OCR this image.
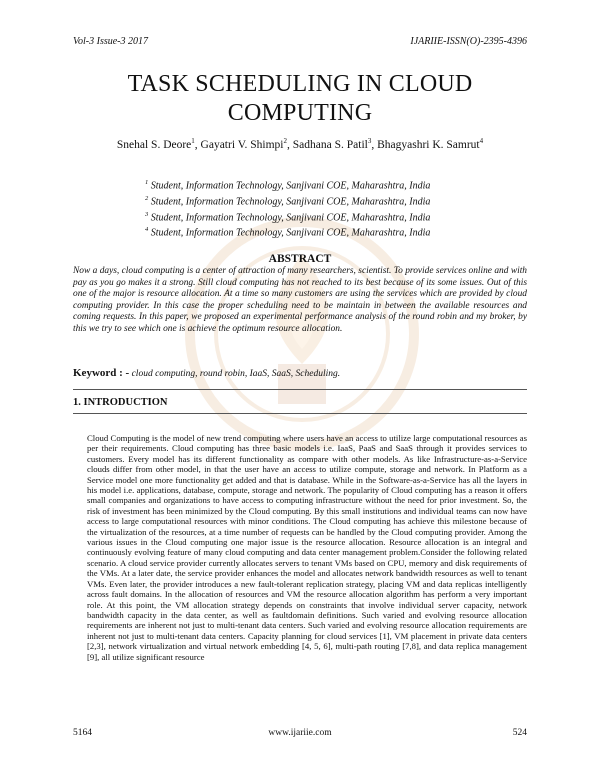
Vol-3 Issue-3 2017	IJARIIE-ISSN(O)-2395-4396
TASK SCHEDULING IN CLOUD
COMPUTING
Snehal S. Deore$^1$, Gayatri V. Shimpi$^2$, Sadhana S. Patil$^3$, Bhagyashri K. Samrut$^4$
$^1$ Student, Information Technology, Sanjivani COE, Maharashtra, India
$^2$ Student, Information Technology, Sanjivani COE, Maharashtra, India
$^3$ Student, Information Technology, Sanjivani COE, Maharashtra, India
$^4$ Student, Information Technology, Sanjivani COE, Maharashtra, India
ABSTRACT
Now a days, cloud computing is a center of attraction of many researchers, scientist. To provide services online and with pay as you go makes it a strong. Still cloud computing has not reached to its best because of its some issues. Out of this one of the major is resource allocation. At a time so many customers are using the services which are provided by cloud computing provider. In this case the proper scheduling need to be maintain in between the available resources and coming requests. In this paper, we proposed an experimental performance analysis of the round robin and my broker, by this we try to see which one is achieve the optimum resource allocation.
Keyword : - cloud computing, round robin, IaaS, SaaS, Scheduling.
1. INTRODUCTION
Cloud Computing is the model of new trend computing where users have an access to utilize large computational resources as per their requirements. Cloud computing has three basic models i.e. IaaS, PaaS and SaaS through it provides services to customers. Every model has its different functionality as compare with other models. As like Infrastructure-as-a-Service clouds differ from other model, in that the user have an access to utilize compute, storage and network. In Platform as a Service model one more functionality get added and that is database. While in the Software-as-a-Service has all the layers in his model i.e. applications, database, compute, storage and network. The popularity of Cloud computing has a reason it offers small companies and organizations to have access to computing infrastructure without the need for prior investment. So, the risk of investment has been minimized by the Cloud computing. By this small institutions and individual teams can now have access to large computational resources with minor conditions. The Cloud computing has achieve this milestone because of the virtualization of the resources, at a time number of requests can be handled by the Cloud computing provider. Among the various issues in the Cloud computing one major issue is the resource allocation. Resource allocation is an integral and continuously evolving feature of many cloud computing and data center management problem.Consider the following related scenario. A cloud service provider currently allocates servers to tenant VMs based on CPU, memory and disk requirements of the VMs. At a later date, the service provider enhances the model and allocates network bandwidth resources as well to tenant VMs. Even later, the provider introduces a new fault-tolerant replication strategy, placing VM and data replicas intelligently across fault domains. In the allocation of resources and VM the resource allocation algorithm has perform a very important role. At this point, the VM allocation strategy depends on constraints that involve individual server capacity, network bandwidth capacity in the data center, as well as faultdomain definitions. Such varied and evolving resource allocation requirements are inherent not just to multi-tenant data centers. Such varied and evolving resource allocation requirements are inherent not just to multi-tenant data centers. Capacity planning for cloud services [1], VM placement in private data centers [2,3], network virtualization and virtual network embedding [4, 5, 6], multi-path routing [7,8], and data replica management [9], all utilize significant resource
5164	www.ijariie.com	524
